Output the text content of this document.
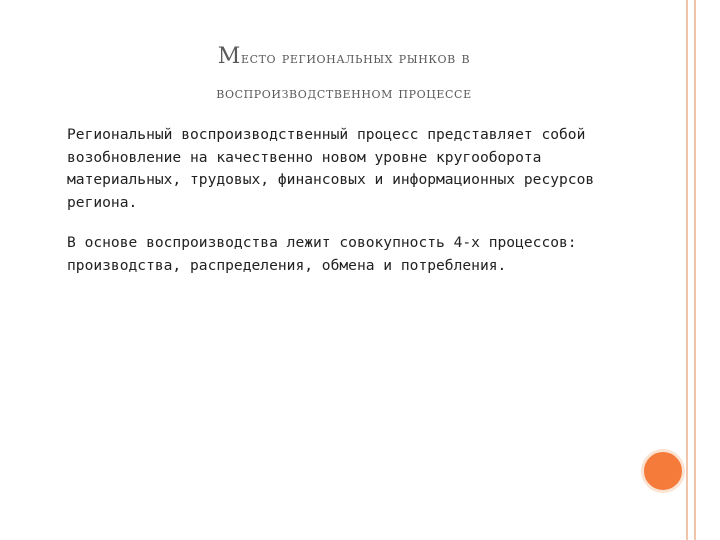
Место региональных рынков в
воспроизводственном процессе

Региональный воспроизводственный процесс представляет собой возобновление на качественно новом уровне кругооборота материальных, трудовых, финансовых и информационных ресурсов региона.

В основе воспроизводства лежит совокупность 4-х процессов: производства, распределения, обмена и потребления.
